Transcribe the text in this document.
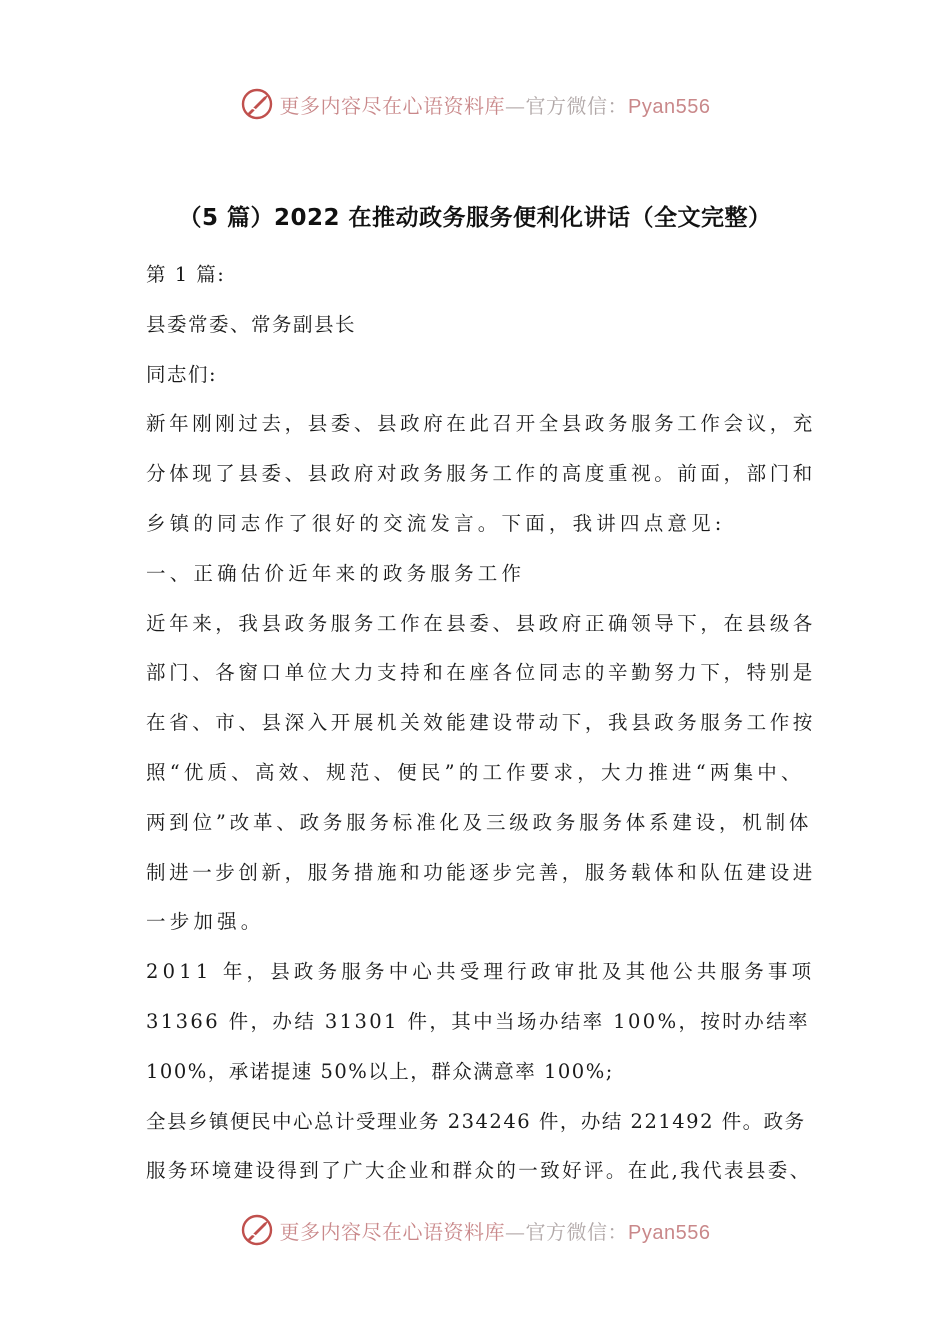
更多内容尽在心语资料库—官方微信：Pyan556
（5 篇）2022 在推动政务服务便利化讲话（全文完整）
第 1 篇:
县委常委、常务副县长
同志们:
新年刚刚过去，县委、县政府在此召开全县政务服务工作会议，充
分体现了县委、县政府对政务服务工作的高度重视。前面，部门和
乡镇的同志作了很好的交流发言。下面，我讲四点意见:
一、正确估价近年来的政务服务工作
近年来，我县政务服务工作在县委、县政府正确领导下，在县级各
部门、各窗口单位大力支持和在座各位同志的辛勤努力下，特别是
在省、市、县深入开展机关效能建设带动下，我县政务服务工作按
照“优质、高效、规范、便民”的工作要求，大力推进“两集中、
两到位”改革、政务服务标准化及三级政务服务体系建设，机制体
制进一步创新，服务措施和功能逐步完善，服务载体和队伍建设进
一步加强。
2011 年，县政务服务中心共受理行政审批及其他公共服务事项
31366 件，办结 31301 件，其中当场办结率 100%，按时办结率
100%，承诺提速 50%以上，群众满意率 100%;
全县乡镇便民中心总计受理业务 234246 件，办结 221492 件。政务
服务环境建设得到了广大企业和群众的一致好评。在此,我代表县委、
更多内容尽在心语资料库—官方微信：Pyan556
